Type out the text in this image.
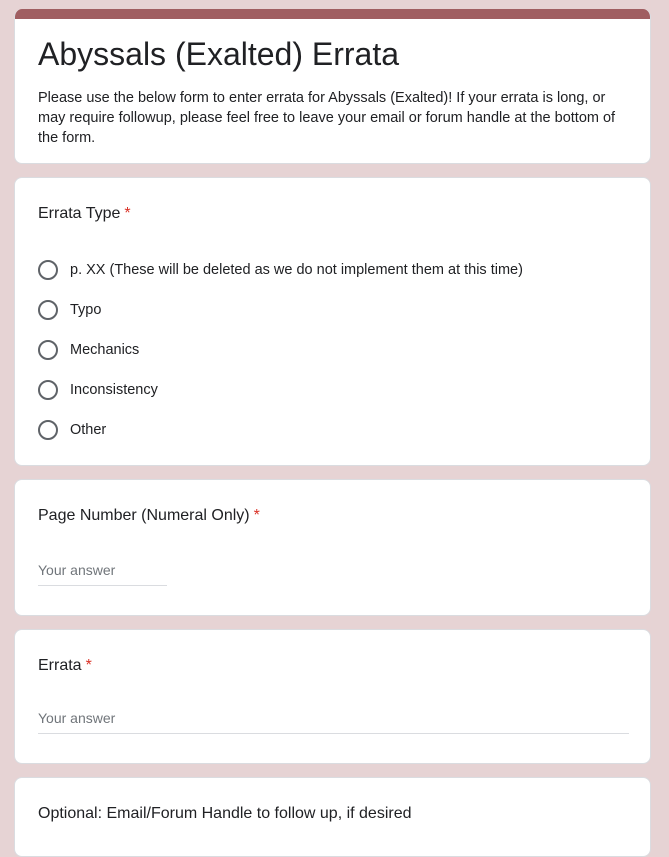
Abyssals (Exalted) Errata
Please use the below form to enter errata for Abyssals (Exalted)! If your errata is long, or may require followup, please feel free to leave your email or forum handle at the bottom of the form.
Errata Type *
p. XX (These will be deleted as we do not implement them at this time)
Typo
Mechanics
Inconsistency
Other
Page Number (Numeral Only) *
Your answer
Errata *
Your answer
Optional: Email/Forum Handle to follow up, if desired
